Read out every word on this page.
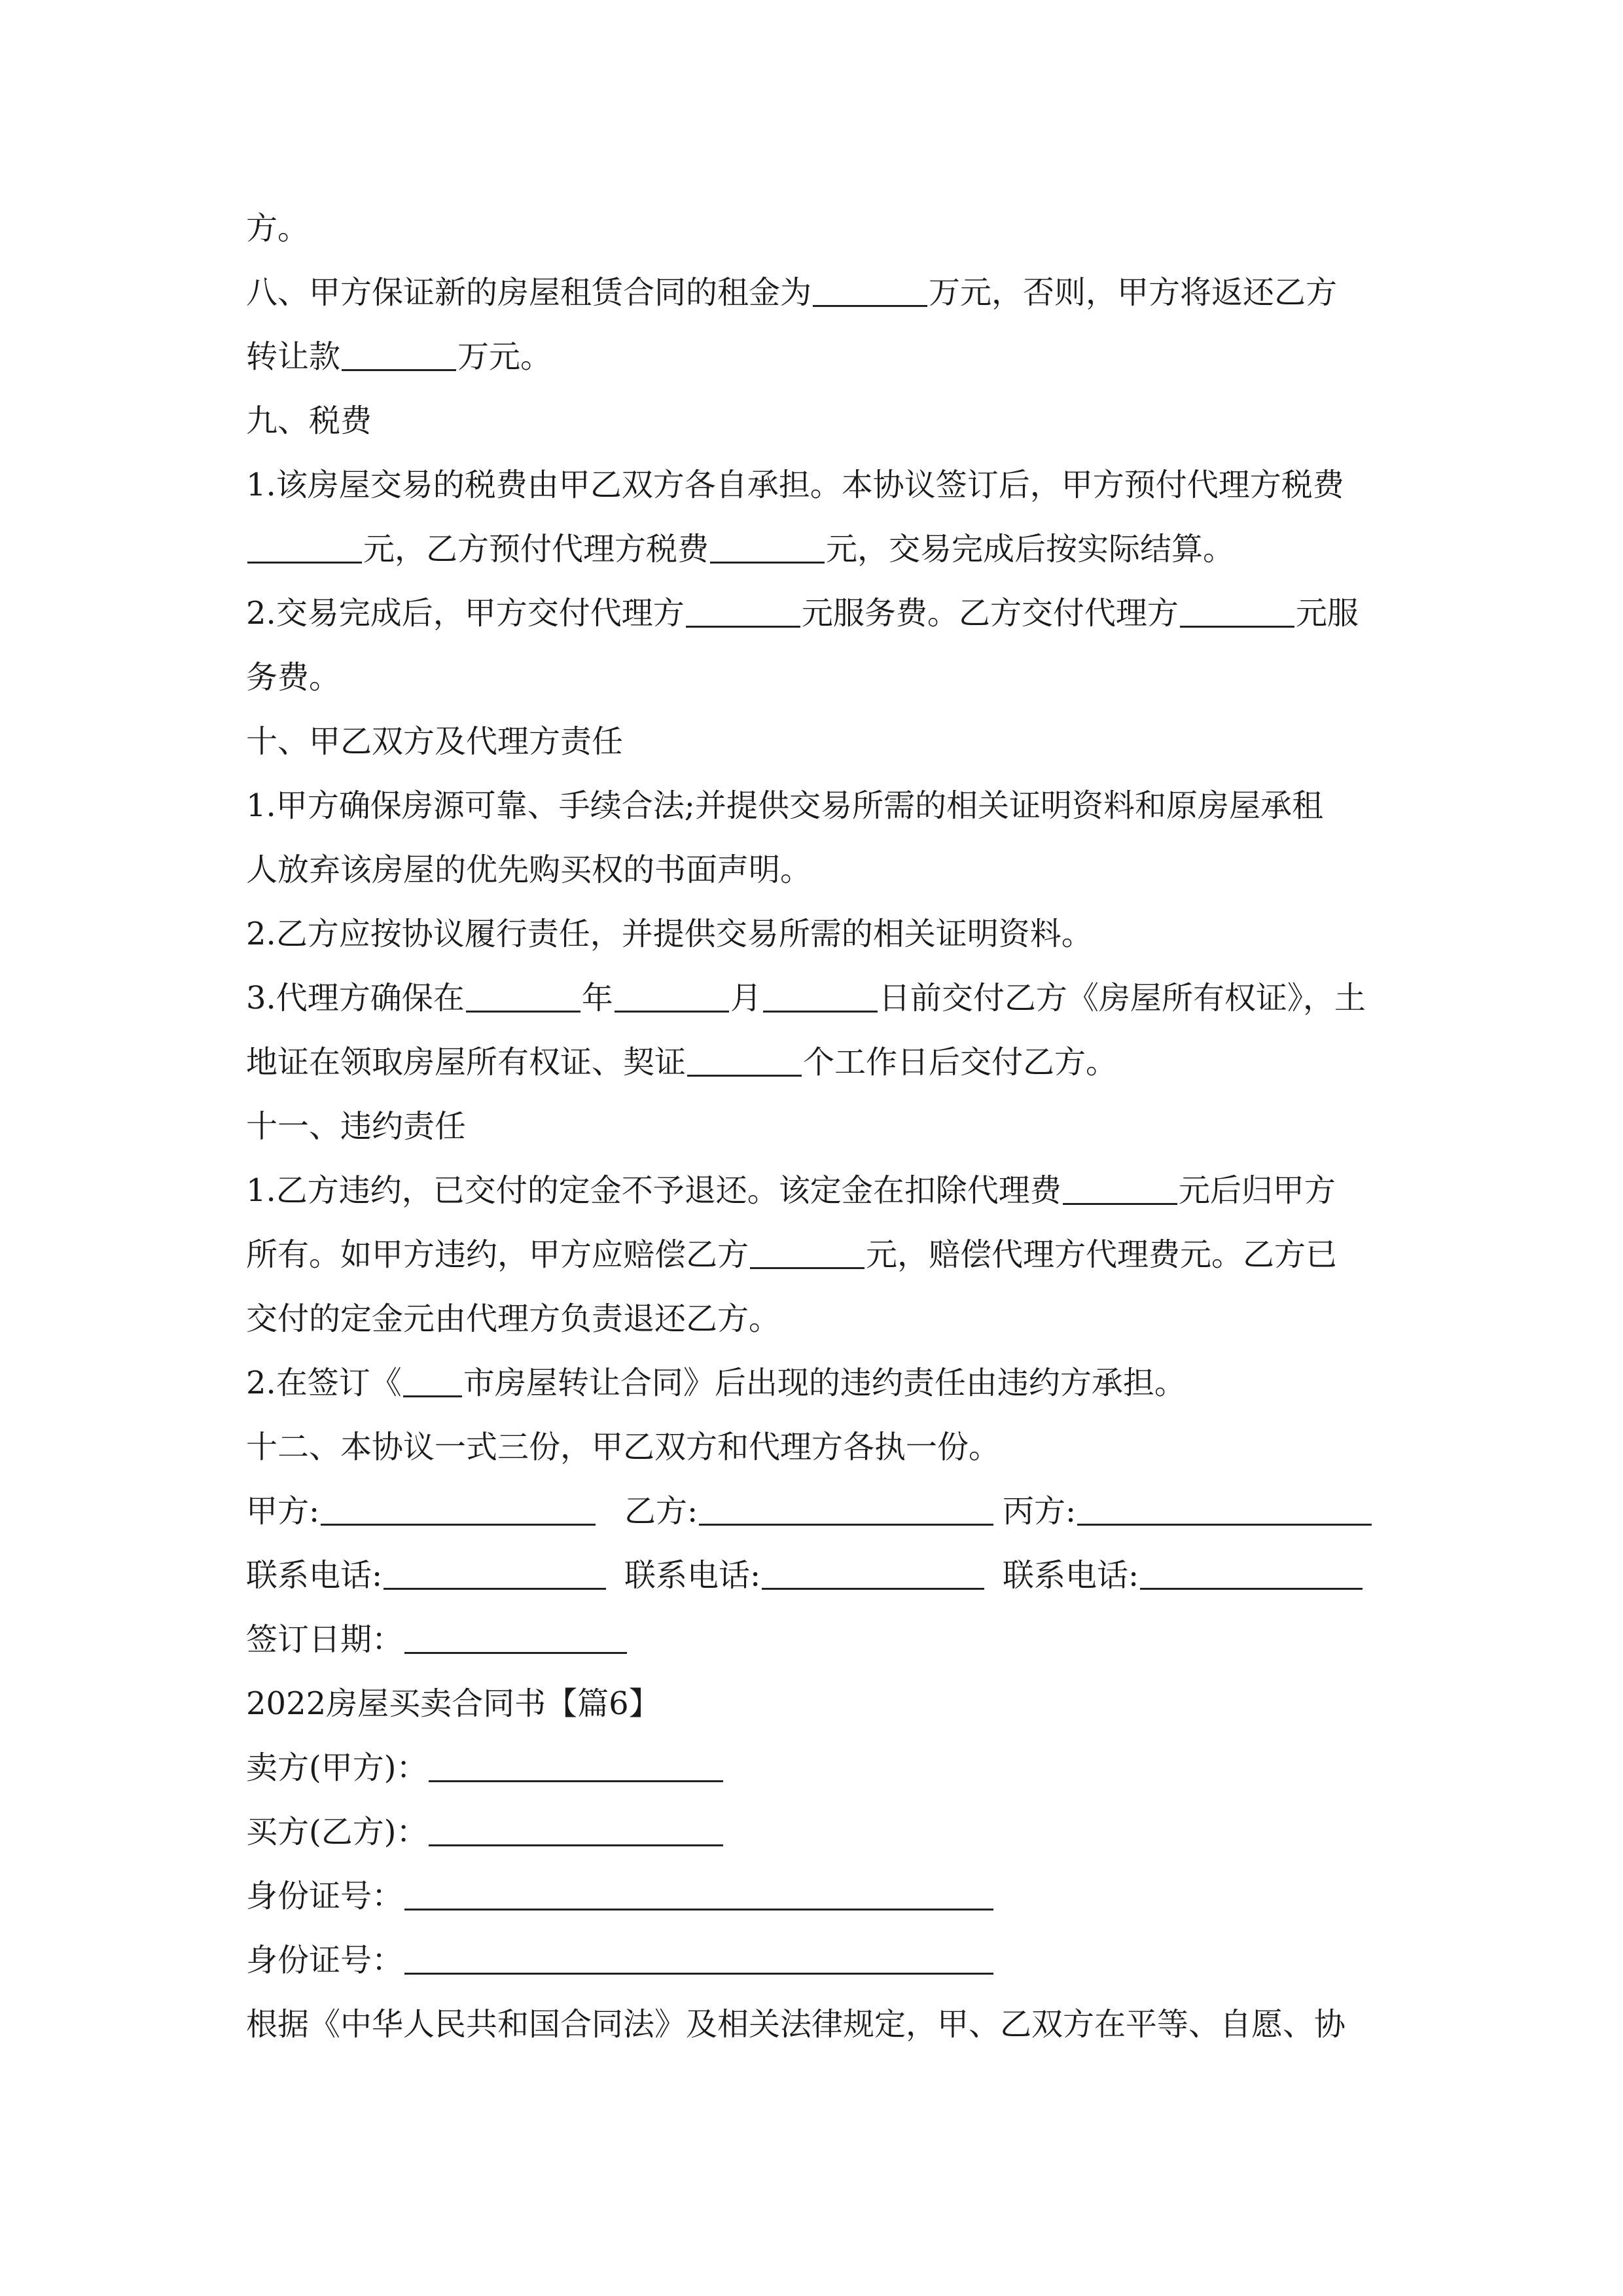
方。
八、甲方保证新的房屋租赁合同的租金为	万元，否则，甲方将返还乙方
转让款	万元。
九、税费
1.该房屋交易的税费由甲乙双方各自承担。本协议签订后，甲方预付代理方税费
元，乙方预付代理方税费	元，交易完成后按实际结算。
2.交易完成后，甲方交付代理方	元服务费。乙方交付代理方	元服
务费。
十、甲乙双方及代理方责任
1.甲方确保房源可靠、手续合法;并提供交易所需的相关证明资料和原房屋承租
人放弃该房屋的优先购买权的书面声明。
2.乙方应按协议履行责任，并提供交易所需的相关证明资料。
3.代理方确保在	年	月	日前交付乙方《房屋所有权证》，土
地证在领取房屋所有权证、契证	个工作日后交付乙方。
十一、违约责任
1.乙方违约，已交付的定金不予退还。该定金在扣除代理费	元后归甲方
所有。如甲方违约，甲方应赔偿乙方	元，赔偿代理方代理费元。乙方已
交付的定金元由代理方负责退还乙方。
2.在签订《 市房屋转让合同》后出现的违约责任由违约方承担。
十二、本协议一式三份，甲乙双方和代理方各执一份。
甲方:	乙方:	丙方:
联系电话:	联系电话:	联系电话:
签订日期：
2022房屋买卖合同书【篇6】
卖方(甲方)：
买方(乙方)：
身份证号：
身份证号：
根据《中华人民共和国合同法》及相关法律规定，甲、乙双方在平等、自愿、协
